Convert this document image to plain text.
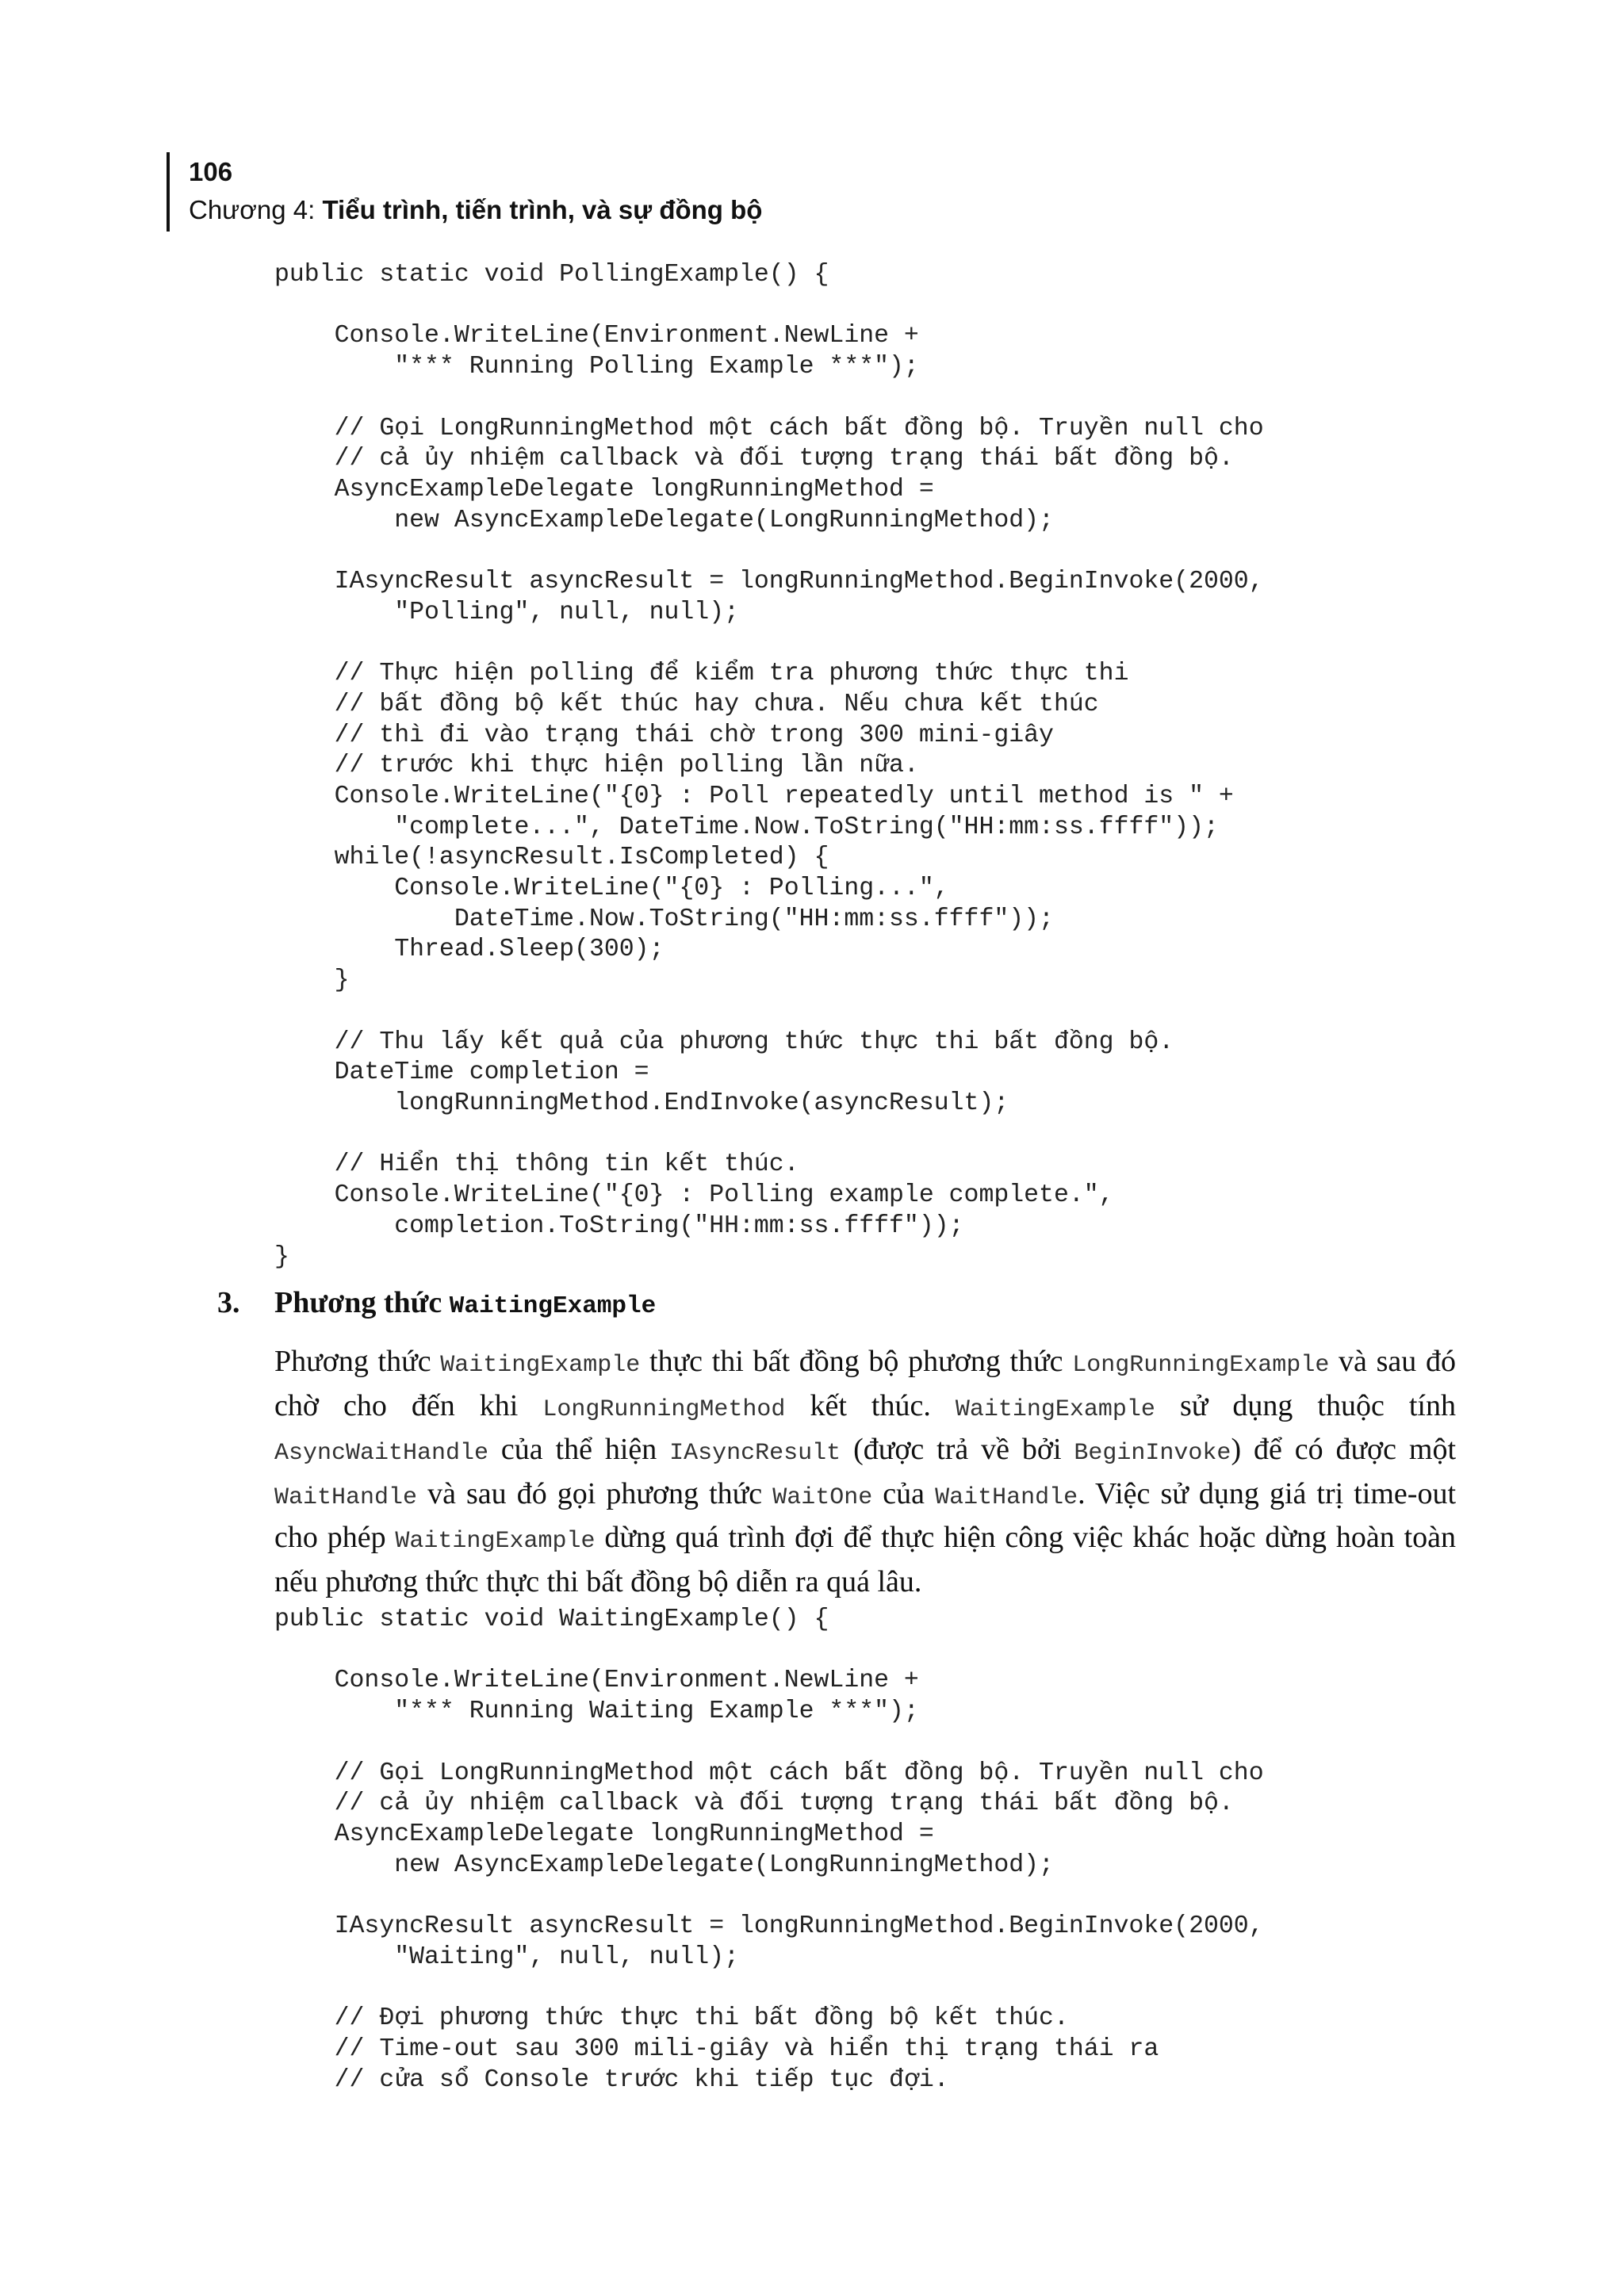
106
Chương 4: Tiểu trình, tiến trình, và sự đồng bộ
public static void PollingExample() {

Console.WriteLine(Environment.NewLine +
"*** Running Polling Example ***");

// Gọi LongRunningMethod một cách bất đồng bộ. Truyền null cho
// cả ủy nhiệm callback và đối tượng trạng thái bất đồng bộ.
AsyncExampleDelegate longRunningMethod =
new AsyncExampleDelegate(LongRunningMethod);

IAsyncResult asyncResult = longRunningMethod.BeginInvoke(2000,
"Polling", null, null);

// Thực hiện polling để kiểm tra phương thức thực thi
// bất đồng bộ kết thúc hay chưa. Nếu chưa kết thúc
// thì đi vào trạng thái chờ trong 300 mini-giây
// trước khi thực hiện polling lần nữa.
Console.WriteLine("{0} : Poll repeatedly until method is " +
"complete...", DateTime.Now.ToString("HH:mm:ss.ffff"));
while(!asyncResult.IsCompleted) {
Console.WriteLine("{0} : Polling...",
DateTime.Now.ToString("HH:mm:ss.ffff"));
Thread.Sleep(300);
}

// Thu lấy kết quả của phương thức thực thi bất đồng bộ.
DateTime completion =
longRunningMethod.EndInvoke(asyncResult);

// Hiển thị thông tin kết thúc.
Console.WriteLine("{0} : Polling example complete.",
completion.ToString("HH:mm:ss.ffff"));
}
3. Phương thức WaitingExample
Phương thức WaitingExample thực thi bất đồng bộ phương thức LongRunningExample và sau đó chờ cho đến khi LongRunningMethod kết thúc. WaitingExample sử dụng thuộc tính AsyncWaitHandle của thể hiện IAsyncResult (được trả về bởi BeginInvoke) để có được một WaitHandle và sau đó gọi phương thức WaitOne của WaitHandle. Việc sử dụng giá trị time-out cho phép WaitingExample dừng quá trình đợi để thực hiện công việc khác hoặc dừng hoàn toàn nếu phương thức thực thi bất đồng bộ diễn ra quá lâu.
public static void WaitingExample() {

Console.WriteLine(Environment.NewLine +
"*** Running Waiting Example ***");

// Gọi LongRunningMethod một cách bất đồng bộ. Truyền null cho
// cả ủy nhiệm callback và đối tượng trạng thái bất đồng bộ.
AsyncExampleDelegate longRunningMethod =
new AsyncExampleDelegate(LongRunningMethod);

IAsyncResult asyncResult = longRunningMethod.BeginInvoke(2000,
"Waiting", null, null);

// Đợi phương thức thực thi bất đồng bộ kết thúc.
// Time-out sau 300 mili-giây và hiển thị trạng thái ra
// cửa sổ Console trước khi tiếp tục đợi.
